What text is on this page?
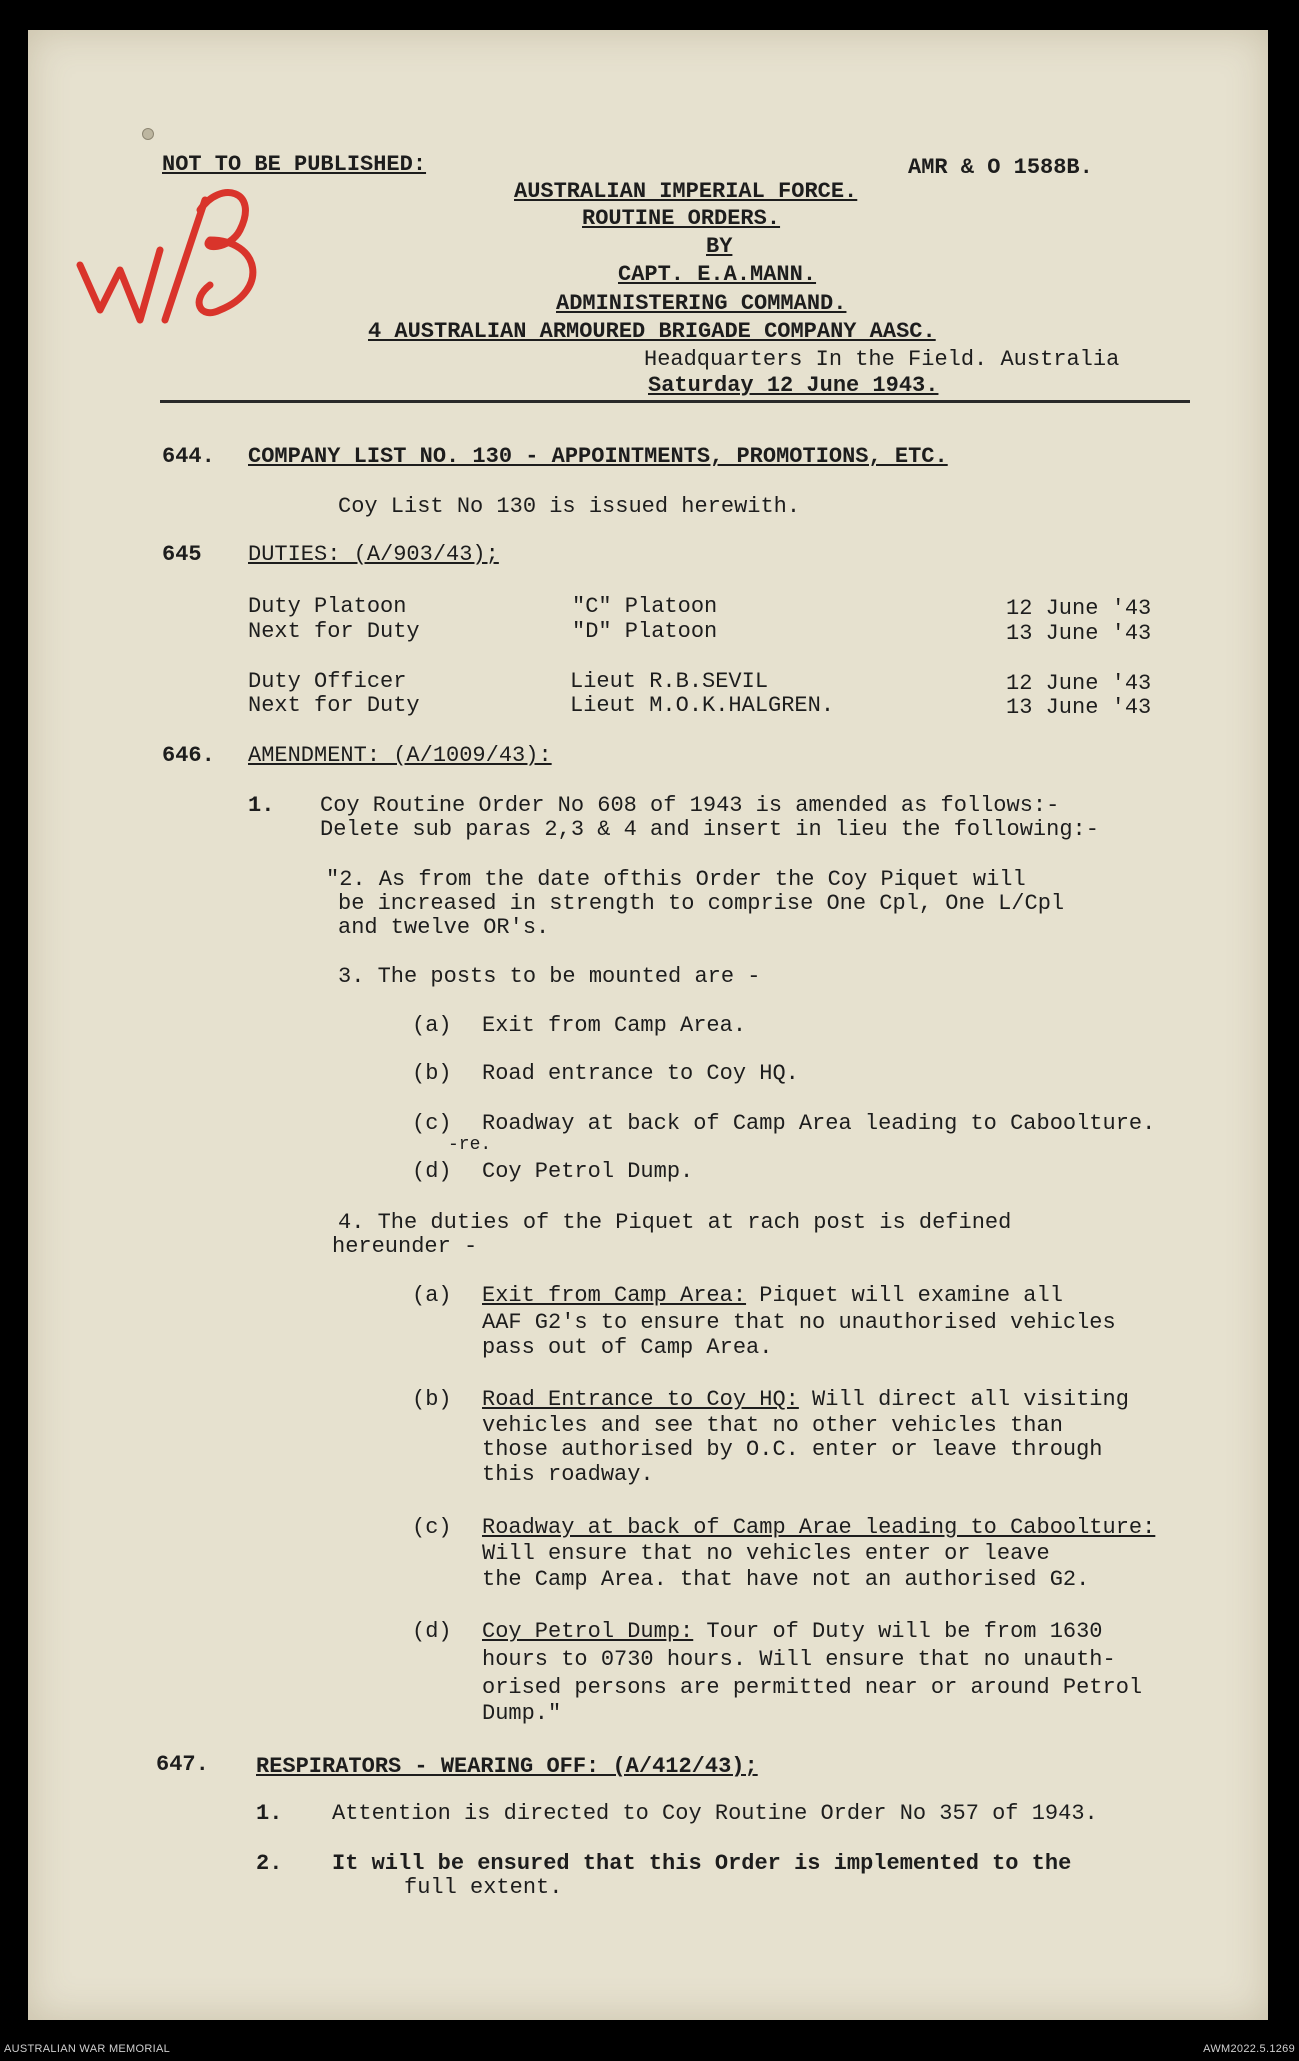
NOT TO BE PUBLISHED:	AMR & O 1588B.
AUSTRALIAN IMPERIAL FORCE.
ROUTINE ORDERS.
BY
CAPT. E.A.MANN.
ADMINISTERING COMMAND.
4 AUSTRALIAN ARMOURED BRIGADE COMPANY AASC.
Headquarters In the Field. Australia
Saturday 12 June 1943.
644. COMPANY LIST NO. 130 - APPOINTMENTS, PROMOTIONS, ETC.
Coy List No 130 is issued herewith.
645 DUTIES: (A/903/43);
Duty Platoon	"C" Platoon	12 June '43
Next for Duty	"D" Platoon	13 June '43
Duty Officer	Lieut R.B.SEVIL	12 June '43
Next for Duty	Lieut M.O.K.HALGREN.	13 June '43
646. AMENDMENT: (A/1009/43):
1. Coy Routine Order No 608 of 1943 is amended as follows:-
Delete sub paras 2,3 & 4 and insert in lieu the following:-
"2. As from the date ofthis Order the Coy Piquet will
be increased in strength to comprise One Cpl, One L/Cpl
and twelve OR's.
3. The posts to be mounted are -
(a) Exit from Camp Area.
(b) Road entrance to Coy HQ.
(c) Roadway at back of Camp Area leading to Caboolture.
-re.
(d) Coy Petrol Dump.
4. The duties of the Piquet at rach post is defined
hereunder -
(a) Exit from Camp Area: Piquet will examine all
AAF G2's to ensure that no unauthorised vehicles
pass out of Camp Area.
(b) Road Entrance to Coy HQ: Will direct all visiting
vehicles and see that no other vehicles than
those authorised by O.C. enter or leave through
this roadway.
(c) Roadway at back of Camp Arae leading to Caboolture:
Will ensure that no vehicles enter or leave
the Camp Area. that have not an authorised G2.
(d) Coy Petrol Dump: Tour of Duty will be from 1630
hours to 0730 hours. Will ensure that no unauth-
orised persons are permitted near or around Petrol
Dump."
647. RESPIRATORS - WEARING OFF: (A/412/43);
1. Attention is directed to Coy Routine Order No 357 of 1943.
2. It will be ensured that this Order is implemented to the
full extent.
AUSTRALIAN WAR MEMORIAL	AWM2022.5.1269
